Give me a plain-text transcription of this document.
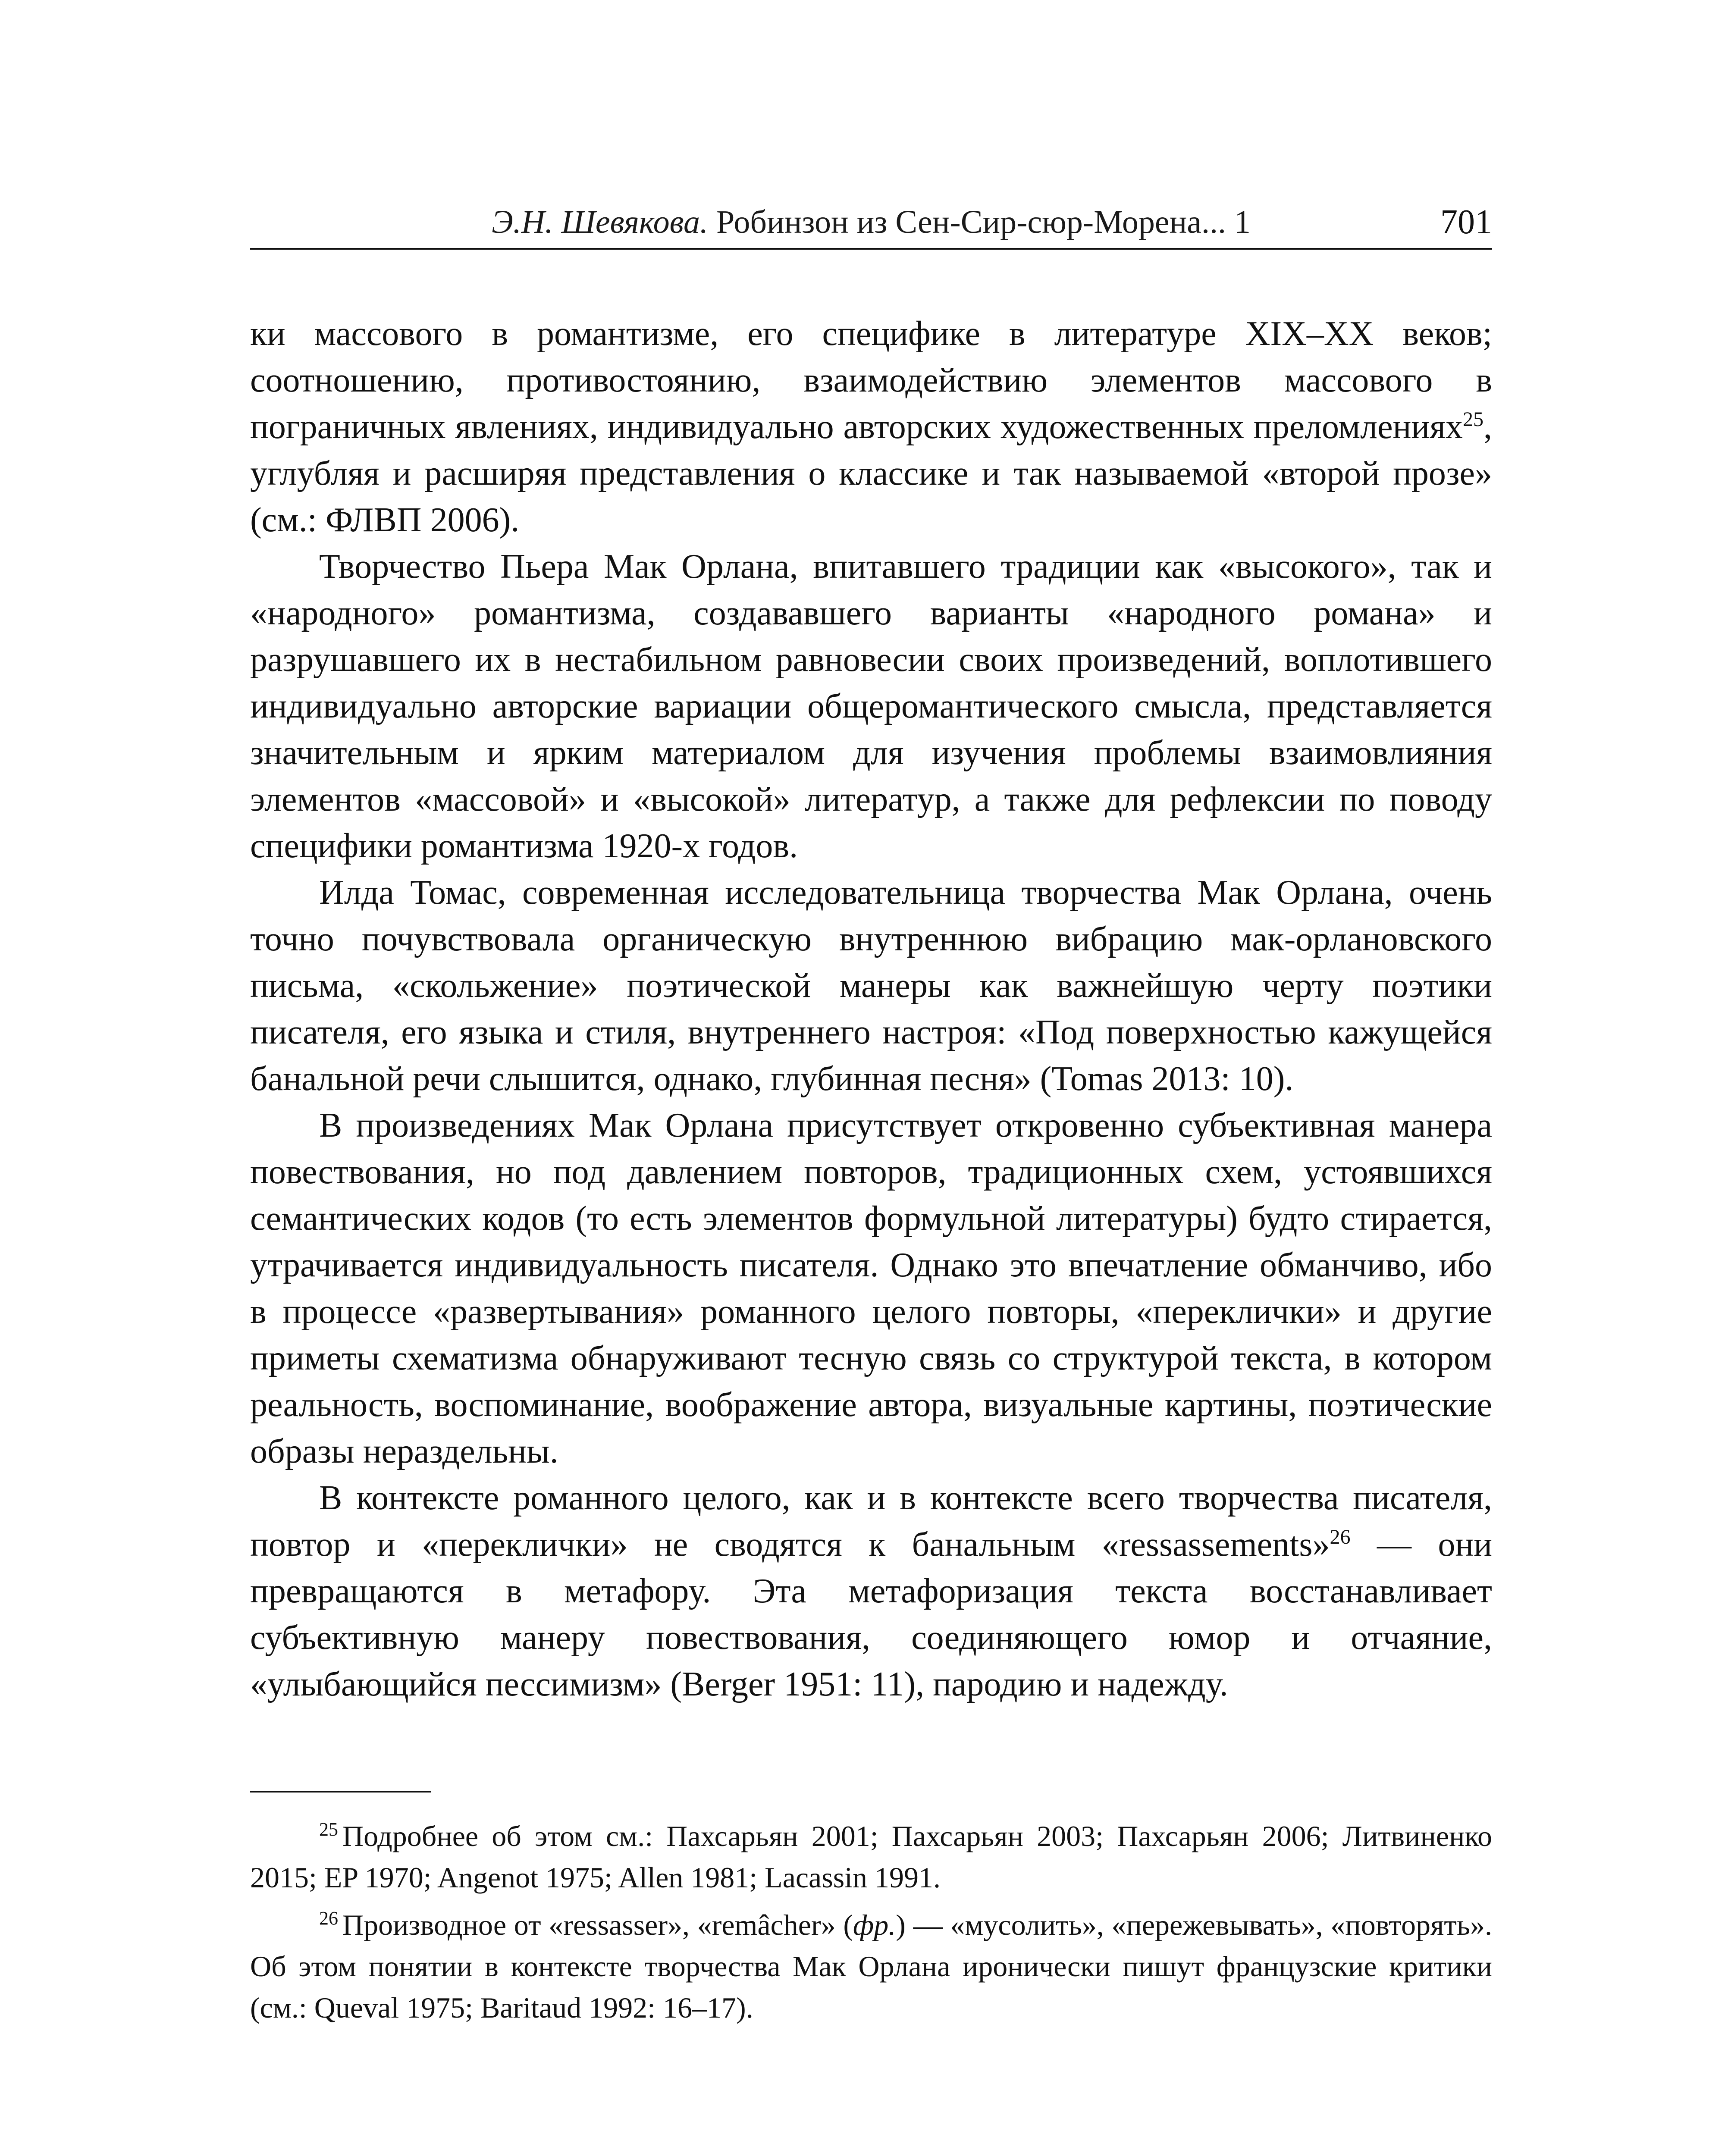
Э.Н. Шевякова. Робинзон из Сен-Сир-сюр-Морена... 1	701

ки массового в романтизме, его специфике в литературе XIX–XX веков; соотношению, противостоянию, взаимодействию элементов массового в пограничных явлениях, индивидуально авторских художественных преломлениях$^{25}$, углубляя и расширяя представления о классике и так называемой «второй прозе» (см.: ФЛВП 2006).

Творчество Пьера Мак Орлана, впитавшего традиции как «высокого», так и «народного» романтизма, создававшего варианты «народного романа» и разрушавшего их в нестабильном равновесии своих произведений, воплотившего индивидуально авторские вариации общеромантического смысла, представляется значительным и ярким материалом для изучения проблемы взаимовлияния элементов «массовой» и «высокой» литератур, а также для рефлексии по поводу специфики романтизма 1920-х годов.

Илда Томас, современная исследовательница творчества Мак Орлана, очень точно почувствовала органическую внутреннюю вибрацию мак-орлановского письма, «скольжение» поэтической манеры как важнейшую черту поэтики писателя, его языка и стиля, внутреннего настроя: «Под поверхностью кажущейся банальной речи слышится, однако, глубинная песня» (Tomas 2013: 10).

В произведениях Мак Орлана присутствует откровенно субъективная манера повествования, но под давлением повторов, традиционных схем, устоявшихся семантических кодов (то есть элементов формульной литературы) будто стирается, утрачивается индивидуальность писателя. Однако это впечатление обманчиво, ибо в процессе «развертывания» романного целого повторы, «переклички» и другие приметы схематизма обнаруживают тесную связь со структурой текста, в котором реальность, воспоминание, воображение автора, визуальные картины, поэтические образы нераздельны.

В контексте романного целого, как и в контексте всего творчества писателя, повтор и «переклички» не сводятся к банальным «ressassements»$^{26}$ — они превращаются в метафору. Эта метафоризация текста восстанавливает субъективную манеру повествования, соединяющего юмор и отчаяние, «улыбающийся пессимизм» (Berger 1951: 11), пародию и надежду.

$^{25}$ Подробнее об этом см.: Пахсарьян 2001; Пахсарьян 2003; Пахсарьян 2006; Литвиненко 2015; EP 1970; Angenot 1975; Allen 1981; Lacassin 1991.

$^{26}$ Производное от «ressasser», «remâcher» (фр.) — «мусолить», «пережевывать», «повторять». Об этом понятии в контексте творчества Мак Орлана иронически пишут французские критики (см.: Queval 1975; Baritaud 1992: 16–17).
